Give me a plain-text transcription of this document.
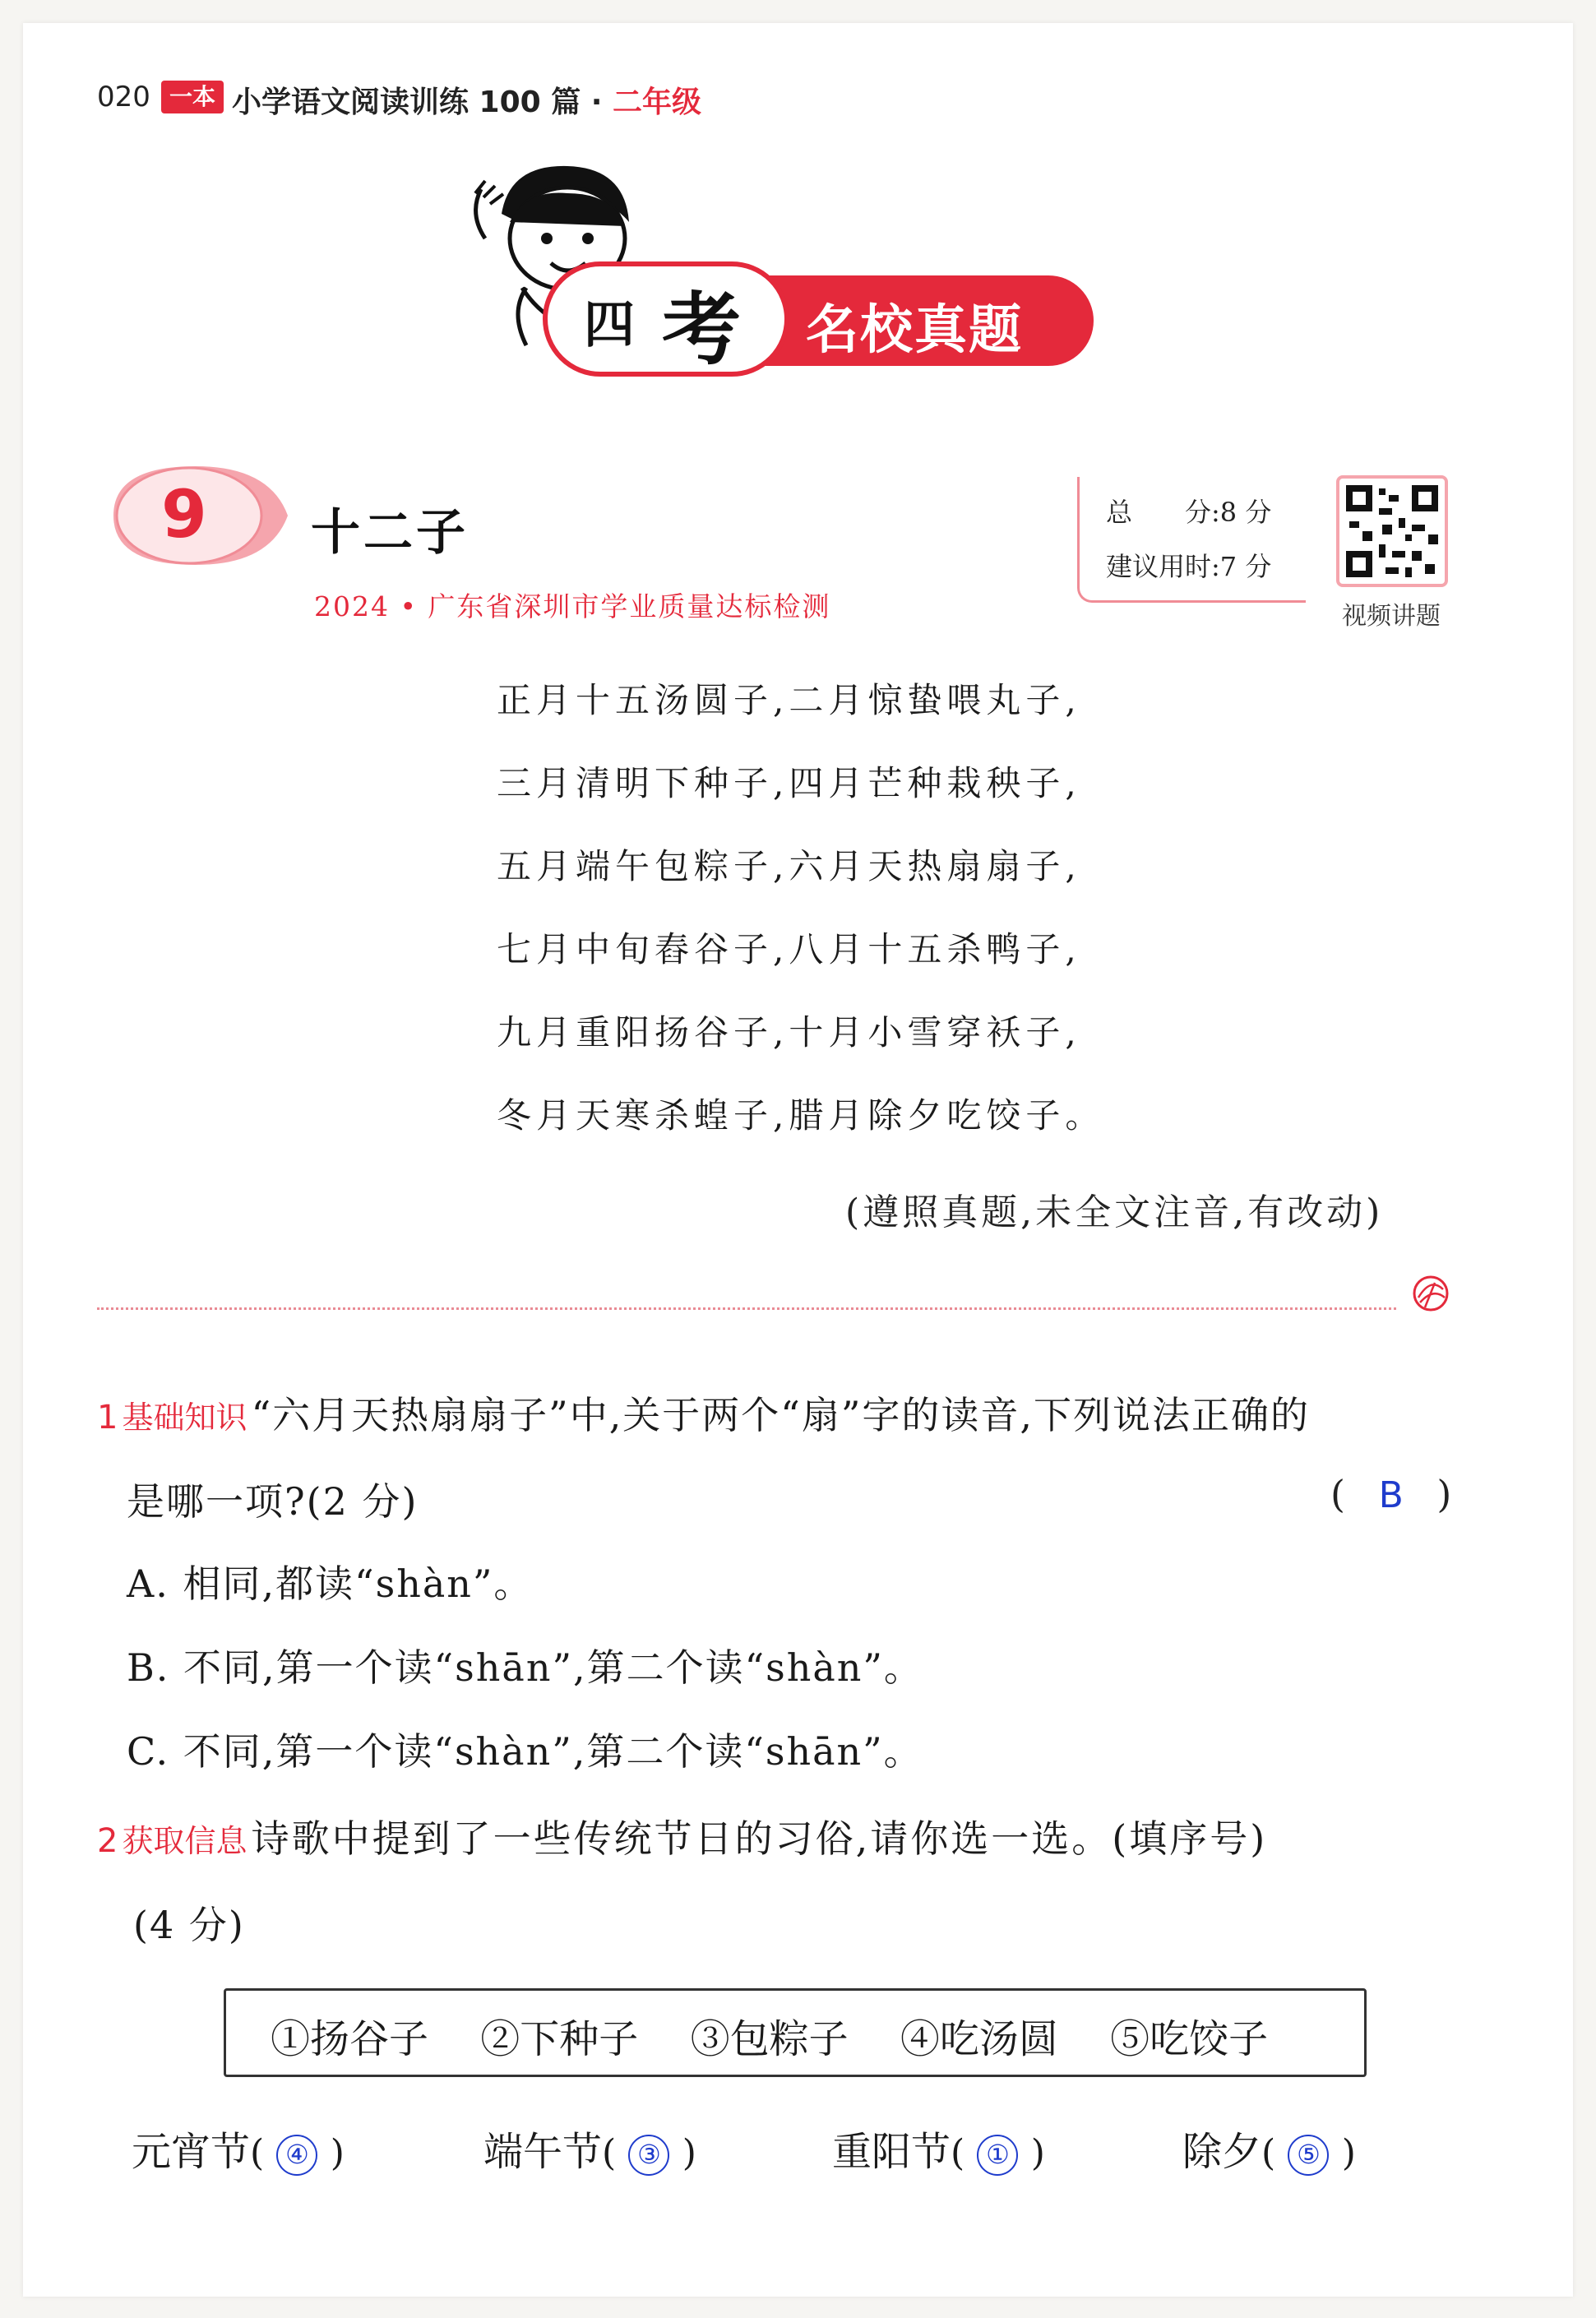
020 一本 小学语文阅读训练 100 篇 · 二年级
四 考 名校真题
9 十二子
2024 • 广东省深圳市学业质量达标检测
总　　分:8 分
建议用时:7 分
视频讲题
正月十五汤圆子,二月惊蛰喂丸子,
三月清明下种子,四月芒种栽秧子,
五月端午包粽子,六月天热扇扇子,
七月中旬舂谷子,八月十五杀鸭子,
九月重阳扬谷子,十月小雪穿袄子,
冬月天寒杀蝗子,腊月除夕吃饺子。
(遵照真题,未全文注音,有改动)
1 基础知识 “六月天热扇扇子”中,关于两个“扇”字的读音,下列说法正确的
是哪一项?(2 分)	( B )
A. 相同,都读“shàn”。
B. 不同,第一个读“shān”,第二个读“shàn”。
C. 不同,第一个读“shàn”,第二个读“shān”。
2 获取信息 诗歌中提到了一些传统节日的习俗,请你选一选。(填序号)
(4 分)
①扬谷子 ②下种子 ③包粽子 ④吃汤圆 ⑤吃饺子
元宵节( ④ )	端午节( ③ )	重阳节( ① )	除夕( ⑤ )
